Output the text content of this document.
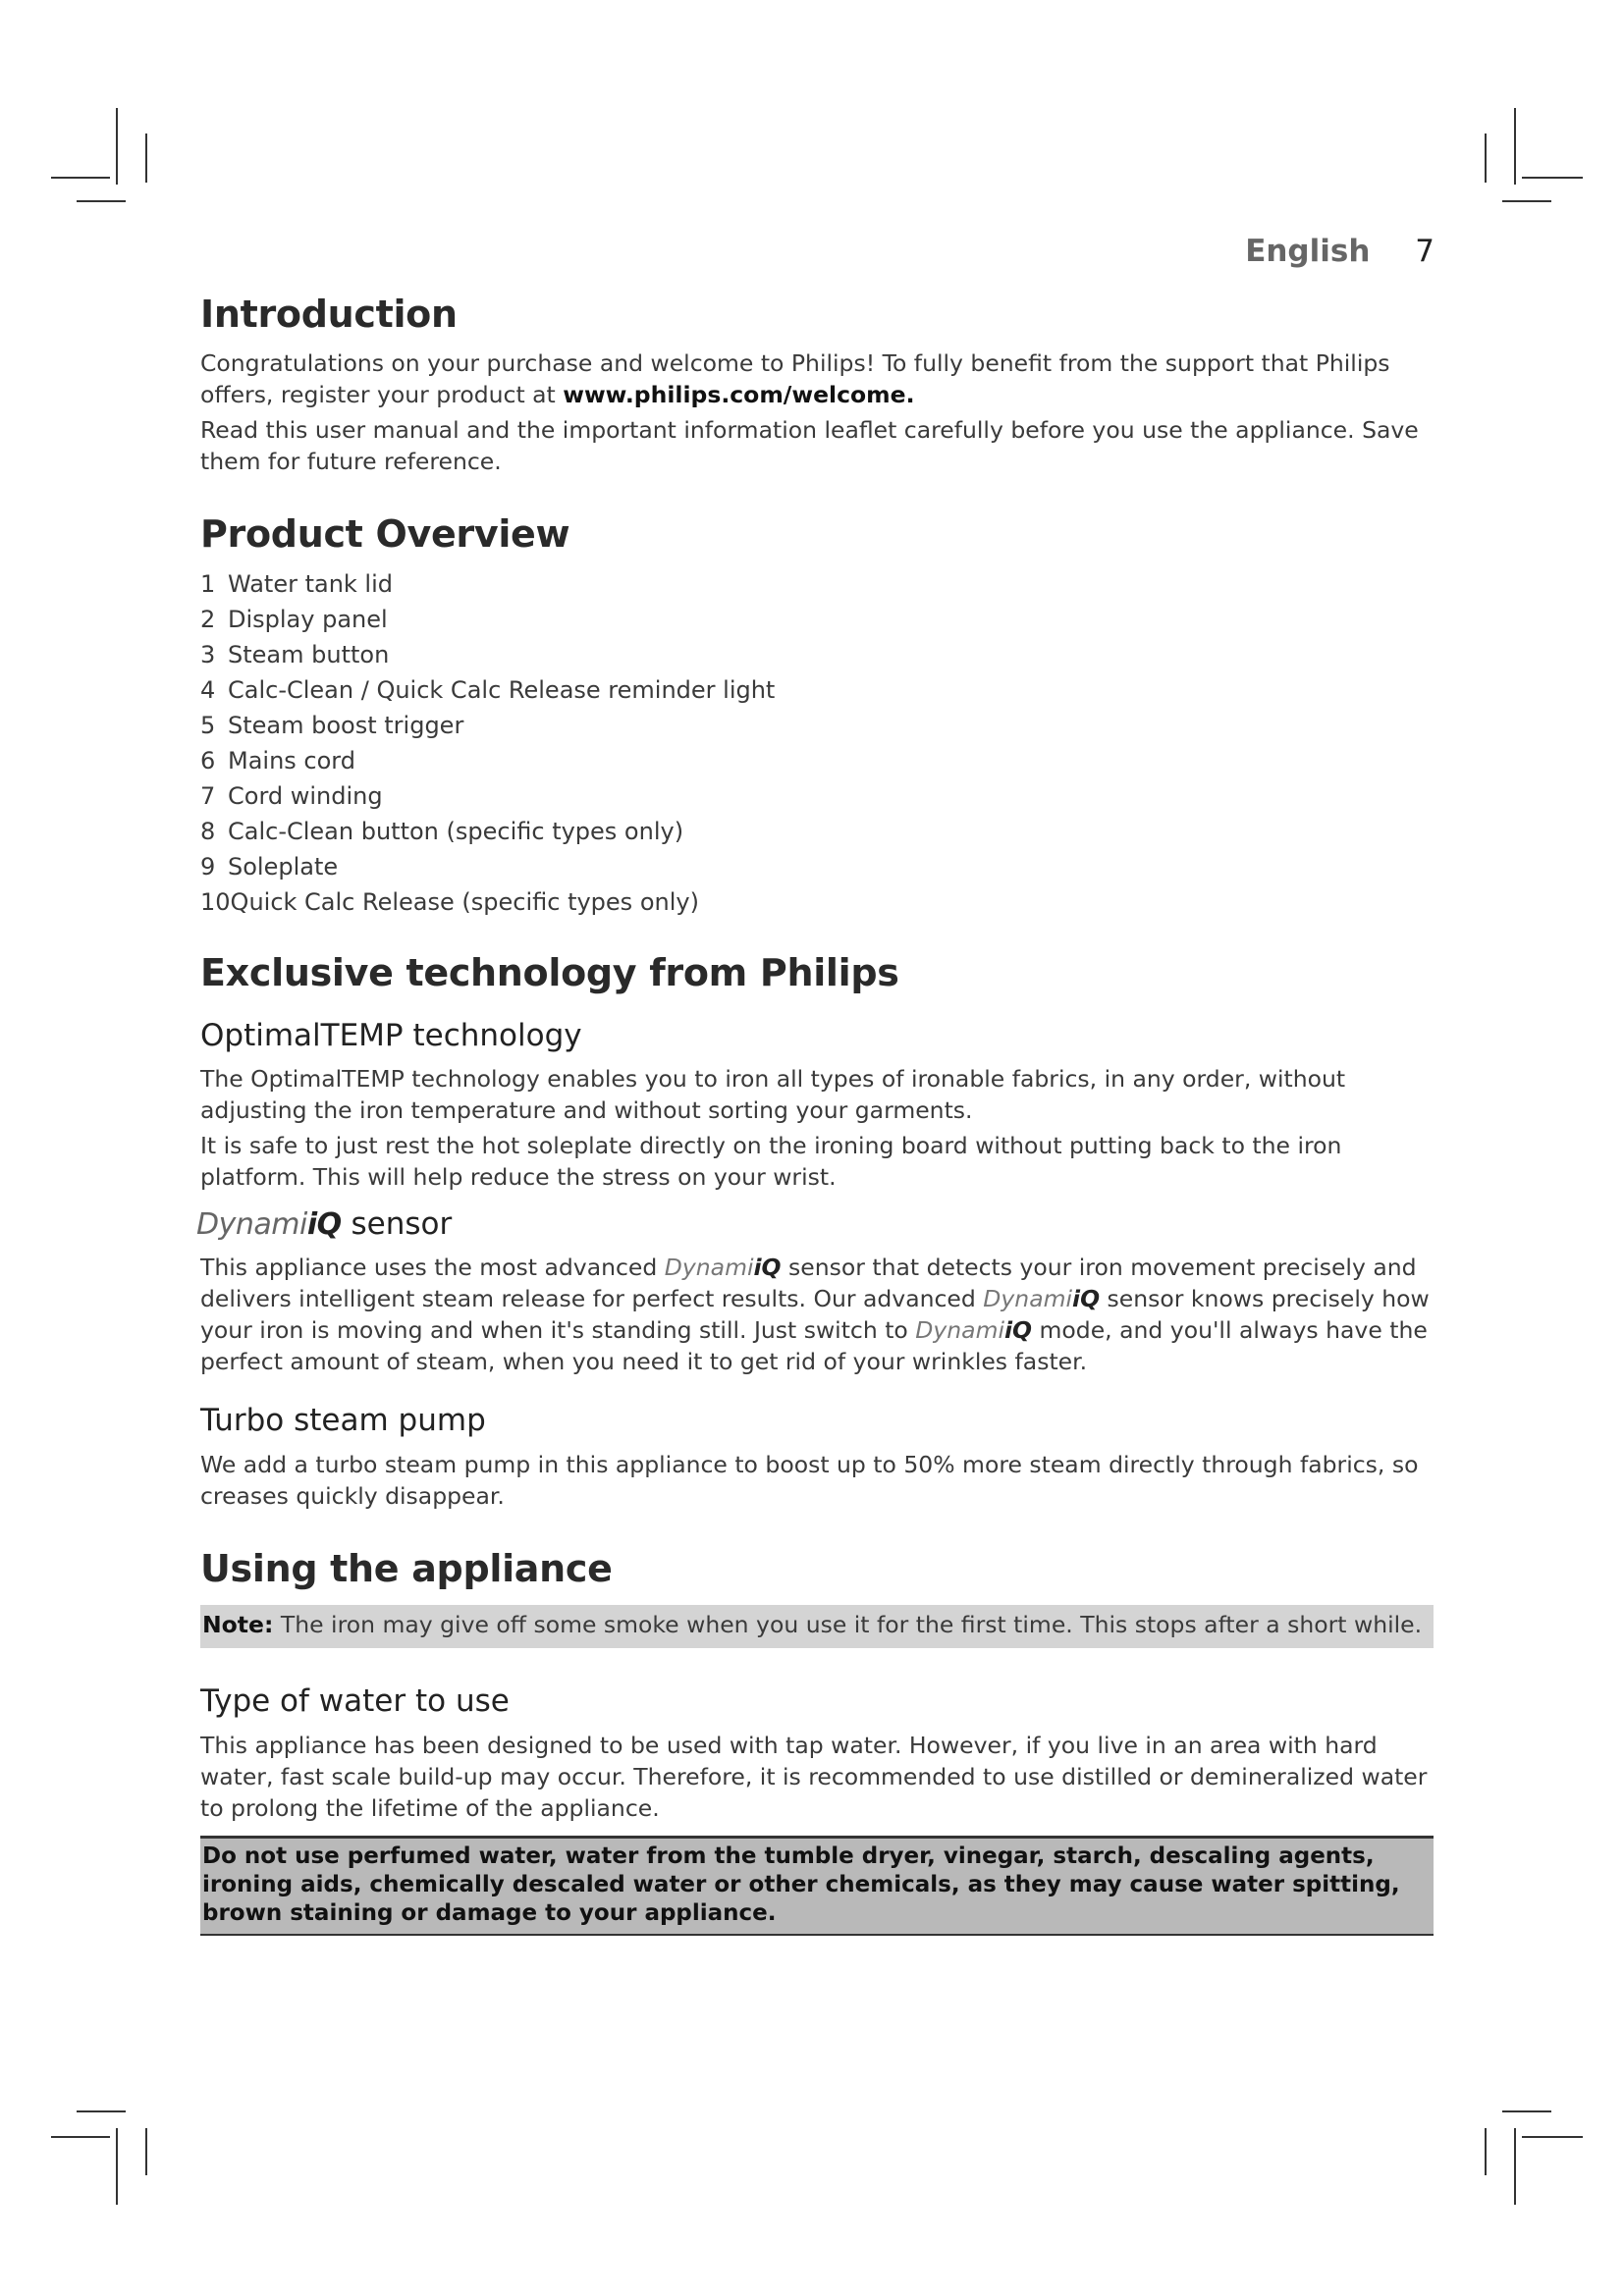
English 7
Introduction

Congratulations on your purchase and welcome to Philips! To fully benefit from the support that Philips offers, register your product at www.philips.com/welcome.

Read this user manual and the important information leaflet carefully before you use the appliance. Save them for future reference.

Product Overview
1 Water tank lid
2 Display panel
3 Steam button
4 Calc-Clean / Quick Calc Release reminder light
5 Steam boost trigger
6 Mains cord
7 Cord winding
8 Calc-Clean button (specific types only)
9 Soleplate
10Quick Calc Release (specific types only)
Exclusive technology from Philips
OptimalTEMP technology

The OptimalTEMP technology enables you to iron all types of ironable fabrics, in any order, without adjusting the iron temperature and without sorting your garments.

It is safe to just rest the hot soleplate directly on the ironing board without putting back to the iron platform. This will help reduce the stress on your wrist.

DynamiiQ sensor

This appliance uses the most advanced DynamiiQ sensor that detects your iron movement precisely and delivers intelligent steam release for perfect results. Our advanced DynamiiQ sensor knows precisely how your iron is moving and when it's standing still. Just switch to DynamiiQ mode, and you'll always have the perfect amount of steam, when you need it to get rid of your wrinkles faster.

Turbo steam pump

We add a turbo steam pump in this appliance to boost up to 50% more steam directly through fabrics, so creases quickly disappear.

Using the appliance

Note: The iron may give off some smoke when you use it for the first time. This stops after a short while.

Type of water to use

This appliance has been designed to be used with tap water. However, if you live in an area with hard water, fast scale build-up may occur. Therefore, it is recommended to use distilled or demineralized water to prolong the lifetime of the appliance.

Do not use perfumed water, water from the tumble dryer, vinegar, starch, descaling agents, ironing aids, chemically descaled water or other chemicals, as they may cause water spitting, brown staining or damage to your appliance.
